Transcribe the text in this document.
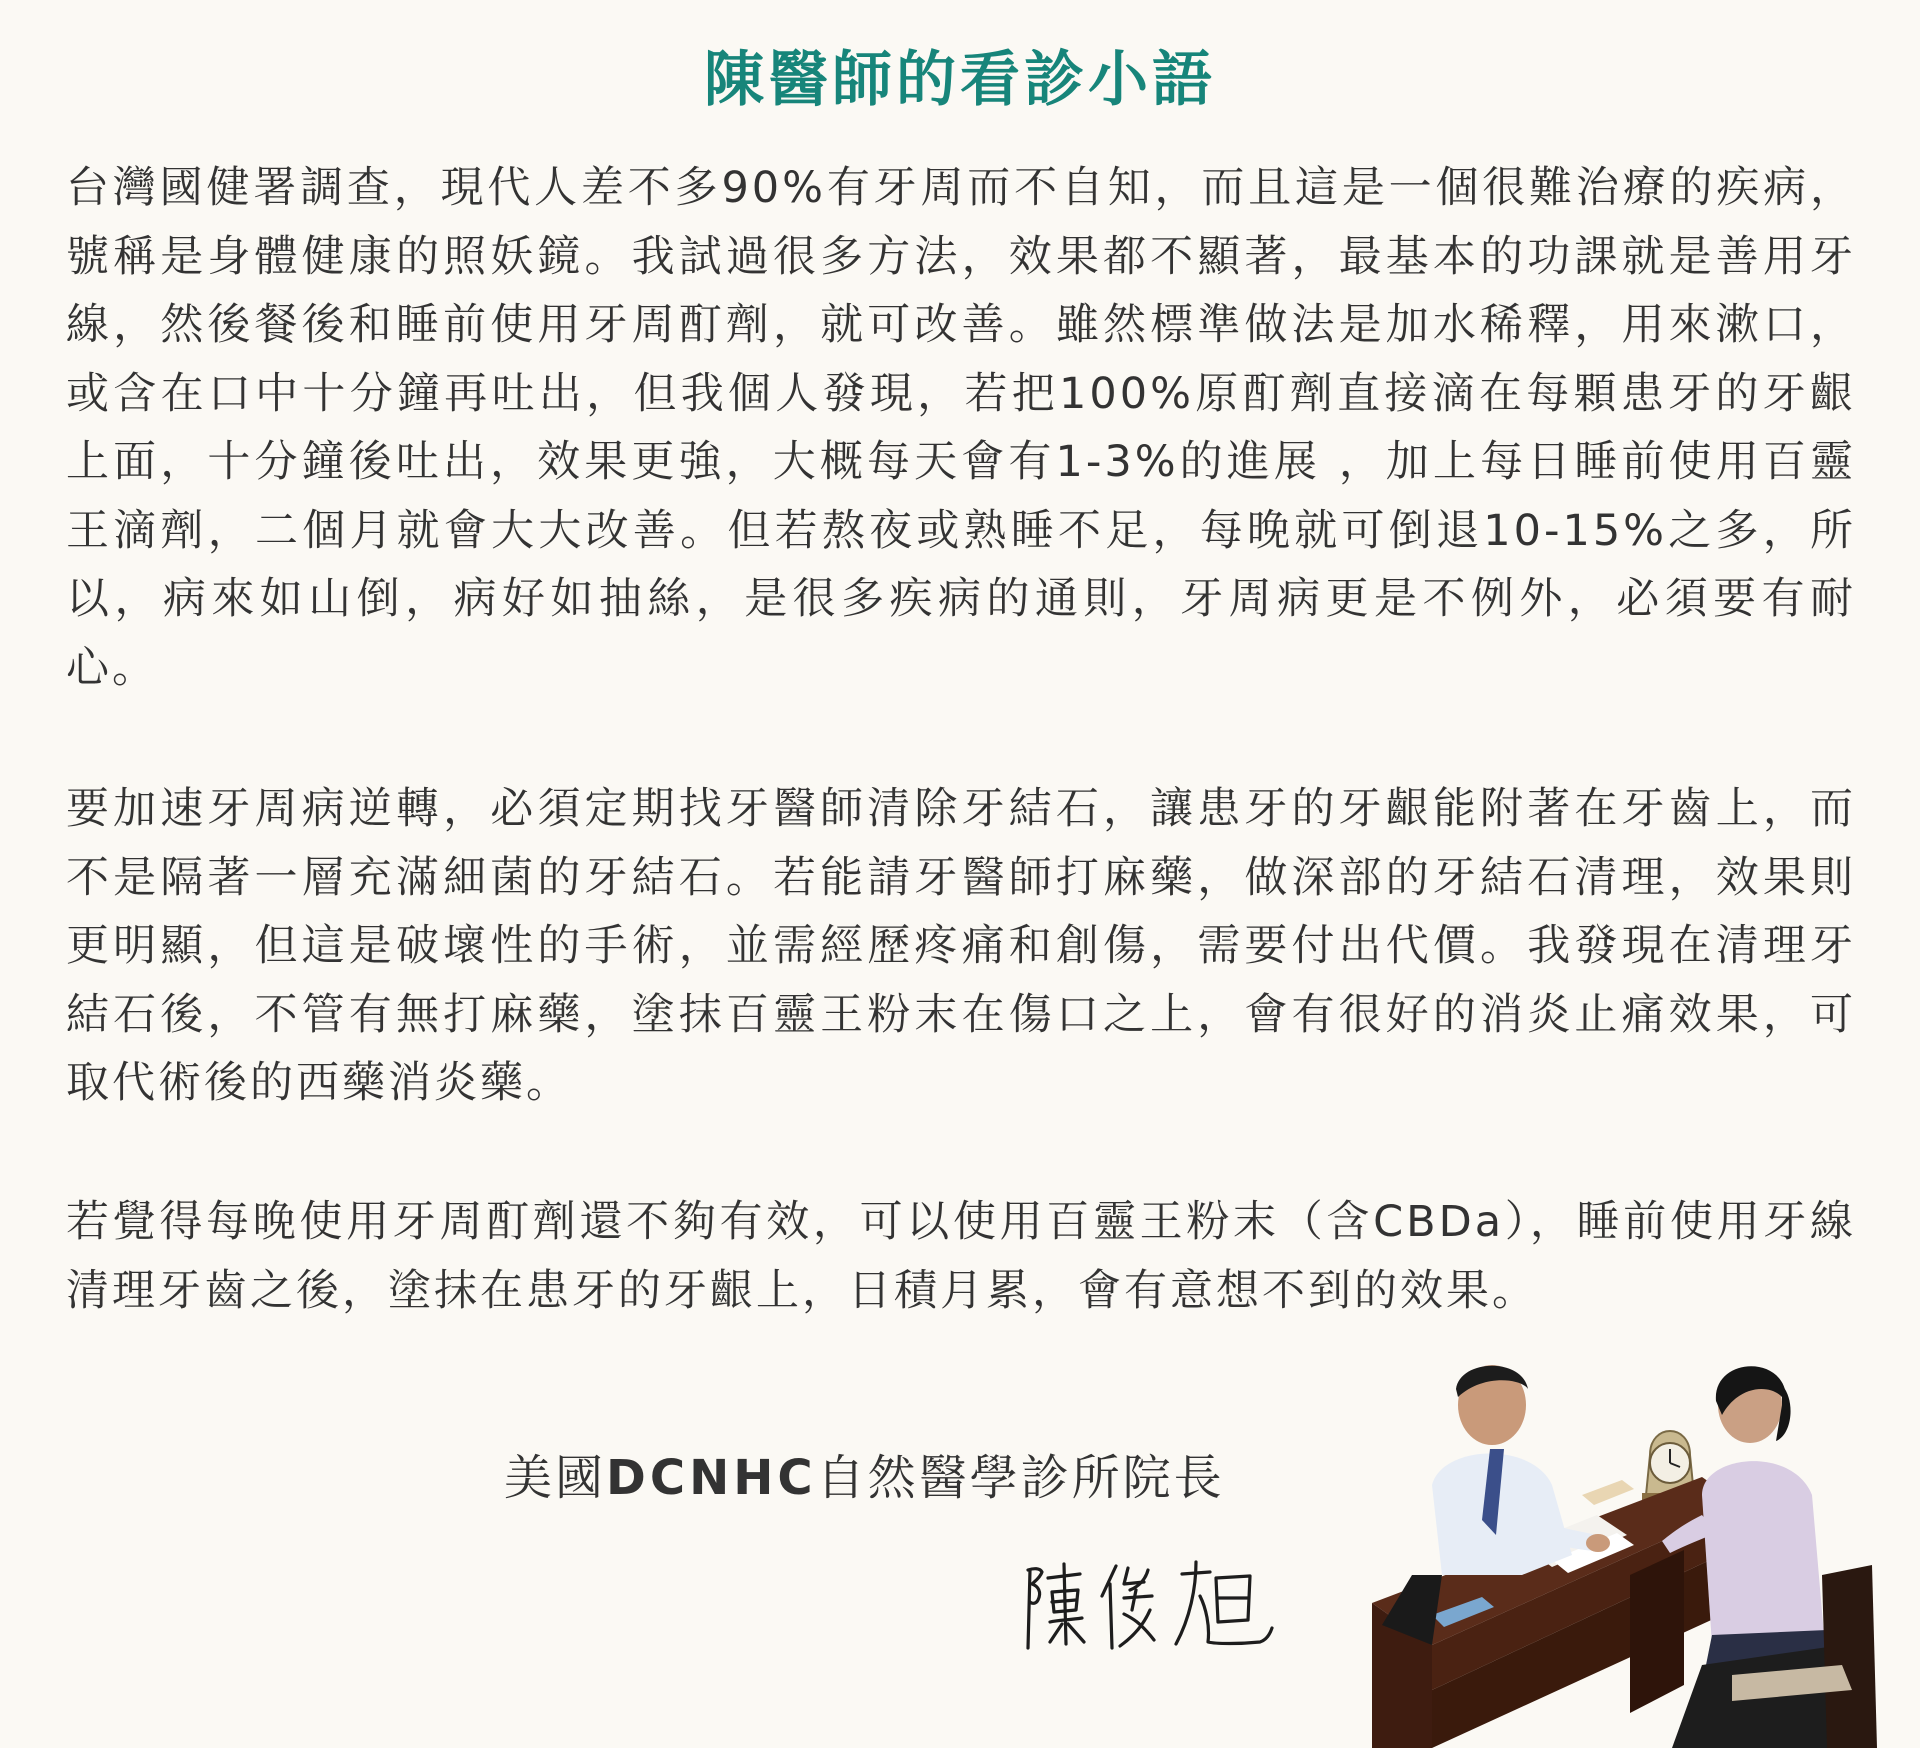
陳醫師的看診小語

台灣國健署調查，現代人差不多90%有牙周而不自知，而且這是一個很難治療的疾病，號稱是身體健康的照妖鏡。我試過很多方法，效果都不顯著，最基本的功課就是善用牙線，然後餐後和睡前使用牙周酊劑，就可改善。雖然標準做法是加水稀釋，用來漱口，或含在口中十分鐘再吐出，但我個人發現，若把100%原酊劑直接滴在每顆患牙的牙齦上面，十分鐘後吐出，效果更強，大概每天會有1-3%的進展 ，加上每日睡前使用百靈王滴劑，二個月就會大大改善。但若熬夜或熟睡不足，每晚就可倒退10-15%之多，所以，病來如山倒，病好如抽絲，是很多疾病的通則，牙周病更是不例外，必須要有耐心。

要加速牙周病逆轉，必須定期找牙醫師清除牙結石，讓患牙的牙齦能附著在牙齒上，而不是隔著一層充滿細菌的牙結石。若能請牙醫師打麻藥，做深部的牙結石清理，效果則更明顯，但這是破壞性的手術，並需經歷疼痛和創傷，需要付出代價。我發現在清理牙結石後，不管有無打麻藥，塗抹百靈王粉末在傷口之上，會有很好的消炎止痛效果，可取代術後的西藥消炎藥。

若覺得每晚使用牙周酊劑還不夠有效，可以使用百靈王粉末（含CBDa），睡前使用牙線清理牙齒之後，塗抹在患牙的牙齦上，日積月累，會有意想不到的效果。

美國DCNHC自然醫學診所院長
